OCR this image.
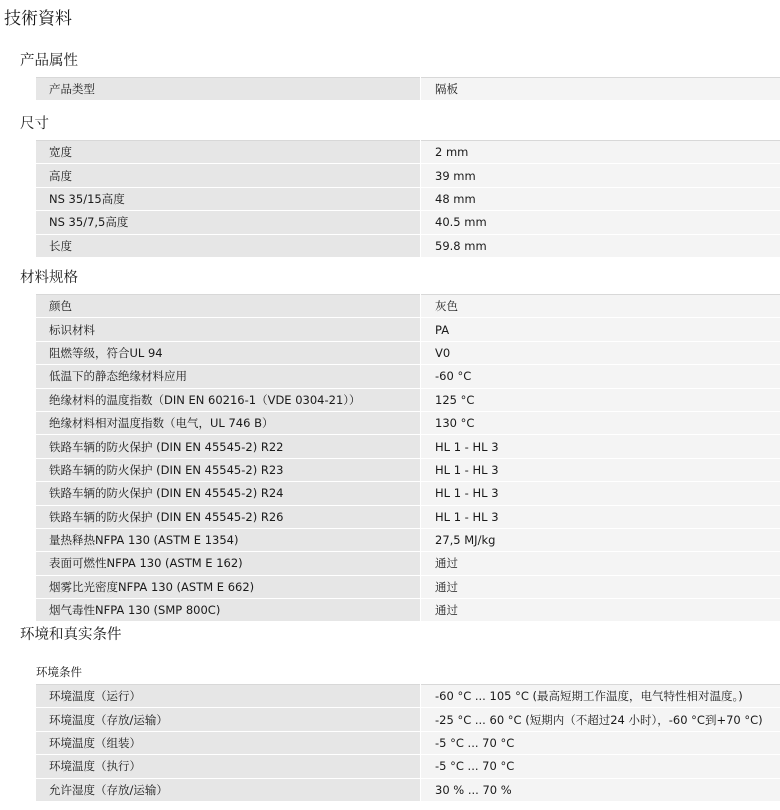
技術資料
产品属性
产品类型	隔板
尺寸
宽度	2 mm
高度	39 mm
NS 35/15高度	48 mm
NS 35/7,5高度	40.5 mm
长度	59.8 mm
材料规格
颜色	灰色
标识材料	PA
阻燃等级，符合UL 94	V0
低温下的静态绝缘材料应用	-60 °C
绝缘材料的温度指数（DIN EN 60216-1（VDE 0304-21））	125 °C
绝缘材料相对温度指数（电气，UL 746 B）	130 °C
铁路车辆的防火保护 (DIN EN 45545-2) R22	HL 1 - HL 3
铁路车辆的防火保护 (DIN EN 45545-2) R23	HL 1 - HL 3
铁路车辆的防火保护 (DIN EN 45545-2) R24	HL 1 - HL 3
铁路车辆的防火保护 (DIN EN 45545-2) R26	HL 1 - HL 3
量热释热NFPA 130 (ASTM E 1354)	27,5 MJ/kg
表面可燃性NFPA 130 (ASTM E 162)	通过
烟雾比光密度NFPA 130 (ASTM E 662)	通过
烟气毒性NFPA 130 (SMP 800C)	通过
环境和真实条件
环境条件
环境温度（运行）	-60 °C ... 105 °C (最高短期工作温度，电气特性相对温度。)
环境温度（存放/运输）	-25 °C ... 60 °C (短期内（不超过24 小时），-60 °C到+70 °C)
环境温度（组装）	-5 °C ... 70 °C
环境温度（执行）	-5 °C ... 70 °C
允许湿度（存放/运输）	30 % ... 70 %
